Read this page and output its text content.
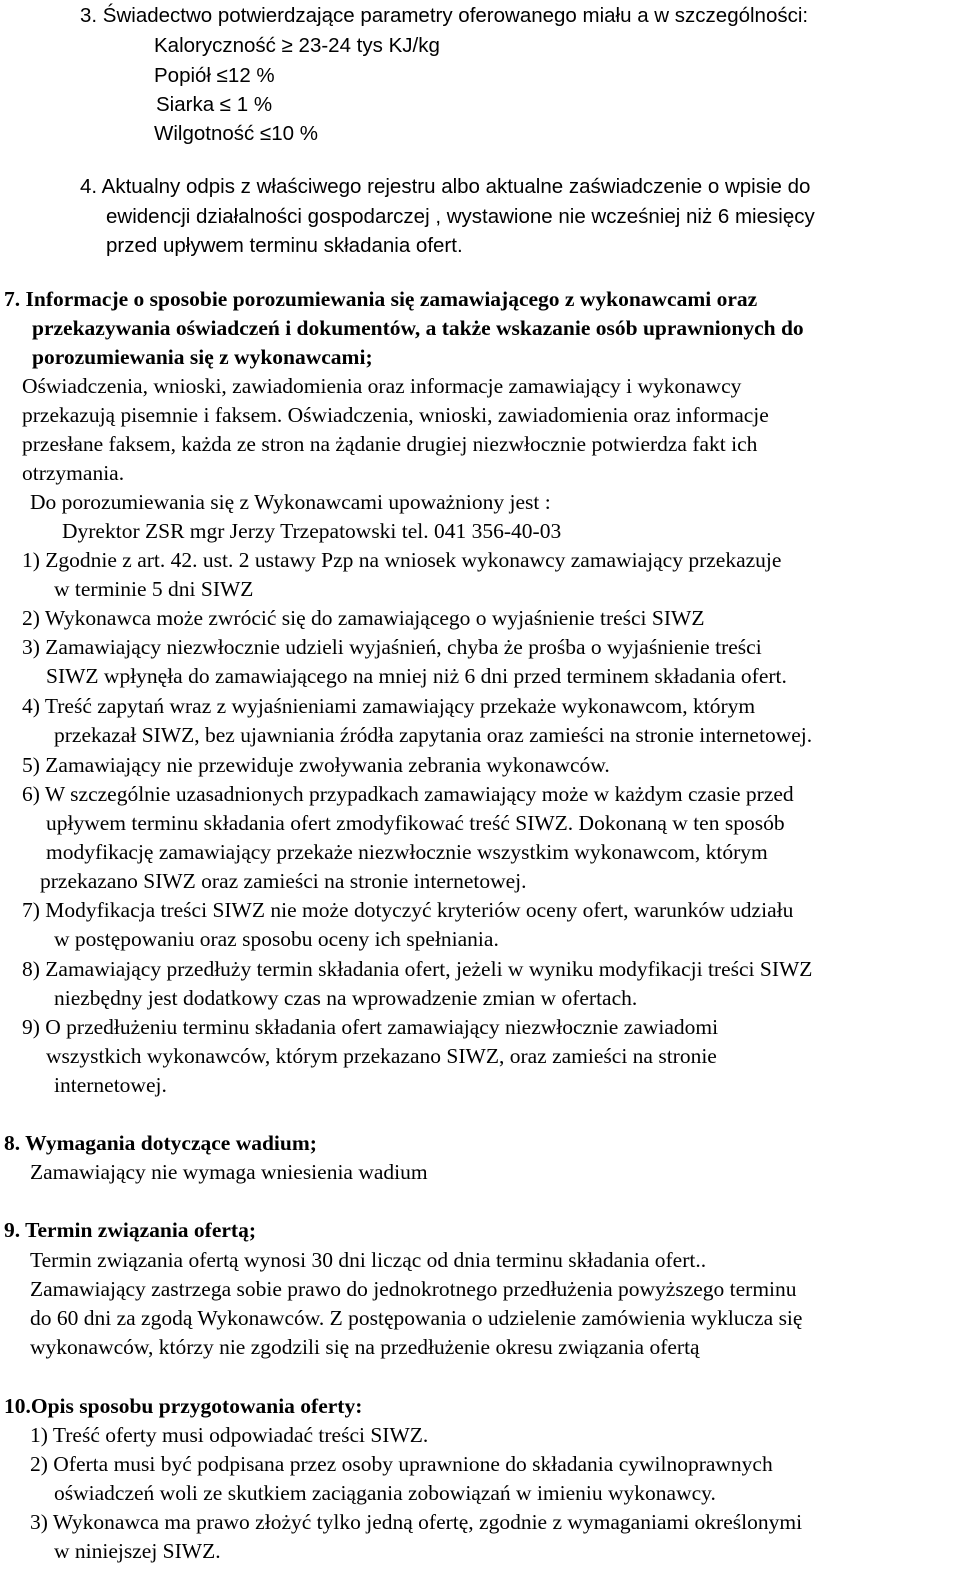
3. Świadectwo potwierdzające parametry oferowanego miału a w szczególności:
Kaloryczność ≥ 23-24 tys KJ/kg
Popiół ≤12 %
Siarka ≤ 1 %
Wilgotność ≤10 %
4. Aktualny odpis z właściwego rejestru albo aktualne zaświadczenie o wpisie do
ewidencji działalności gospodarczej , wystawione nie wcześniej niż 6 miesięcy
przed upływem terminu składania ofert.
7. Informacje o sposobie porozumiewania się zamawiającego z wykonawcami oraz
przekazywania oświadczeń i dokumentów, a także wskazanie osób uprawnionych do
porozumiewania się z wykonawcami;
Oświadczenia, wnioski, zawiadomienia oraz informacje zamawiający i wykonawcy
przekazują pisemnie i faksem. Oświadczenia, wnioski, zawiadomienia oraz informacje
przesłane faksem, każda ze stron na żądanie drugiej niezwłocznie potwierdza fakt ich
otrzymania.
Do porozumiewania się z Wykonawcami upoważniony jest :
Dyrektor ZSR mgr Jerzy Trzepatowski tel. 041 356-40-03
1) Zgodnie z art. 42. ust. 2 ustawy Pzp na wniosek wykonawcy zamawiający przekazuje
w terminie 5 dni SIWZ
2) Wykonawca może zwrócić się do zamawiającego o wyjaśnienie treści SIWZ
3) Zamawiający niezwłocznie udzieli wyjaśnień, chyba że prośba o wyjaśnienie treści
SIWZ wpłynęła do zamawiającego na mniej niż 6 dni przed terminem składania ofert.
4) Treść zapytań wraz z wyjaśnieniami zamawiający przekaże wykonawcom, którym
przekazał SIWZ, bez ujawniania źródła zapytania oraz zamieści na stronie internetowej.
5) Zamawiający nie przewiduje zwoływania zebrania wykonawców.
6) W szczególnie uzasadnionych przypadkach zamawiający może w każdym czasie przed
upływem terminu składania ofert zmodyfikować treść SIWZ. Dokonaną w ten sposób
modyfikację zamawiający przekaże niezwłocznie wszystkim wykonawcom, którym
przekazano SIWZ oraz zamieści na stronie internetowej.
7) Modyfikacja treści SIWZ nie może dotyczyć kryteriów oceny ofert, warunków udziału
w postępowaniu oraz sposobu oceny ich spełniania.
8) Zamawiający przedłuży termin składania ofert, jeżeli w wyniku modyfikacji treści SIWZ
niezbędny jest dodatkowy czas na wprowadzenie zmian w ofertach.
9) O przedłużeniu terminu składania ofert zamawiający niezwłocznie zawiadomi
wszystkich wykonawców, którym przekazano SIWZ, oraz zamieści na stronie
internetowej.
8. Wymagania dotyczące wadium;
Zamawiający nie wymaga wniesienia wadium
9. Termin związania ofertą;
Termin związania ofertą wynosi 30 dni licząc od dnia terminu składania ofert..
Zamawiający zastrzega sobie prawo do jednokrotnego przedłużenia powyższego terminu
do 60 dni za zgodą Wykonawców. Z postępowania o udzielenie zamówienia wyklucza się
wykonawców, którzy nie zgodzili się na przedłużenie okresu związania ofertą
10.Opis sposobu przygotowania oferty:
1) Treść oferty musi odpowiadać treści SIWZ.
2) Oferta musi być podpisana przez osoby uprawnione do składania cywilnoprawnych
oświadczeń woli ze skutkiem zaciągania zobowiązań w imieniu wykonawcy.
3) Wykonawca ma prawo złożyć tylko jedną ofertę, zgodnie z wymaganiami określonymi
w niniejszej SIWZ.
